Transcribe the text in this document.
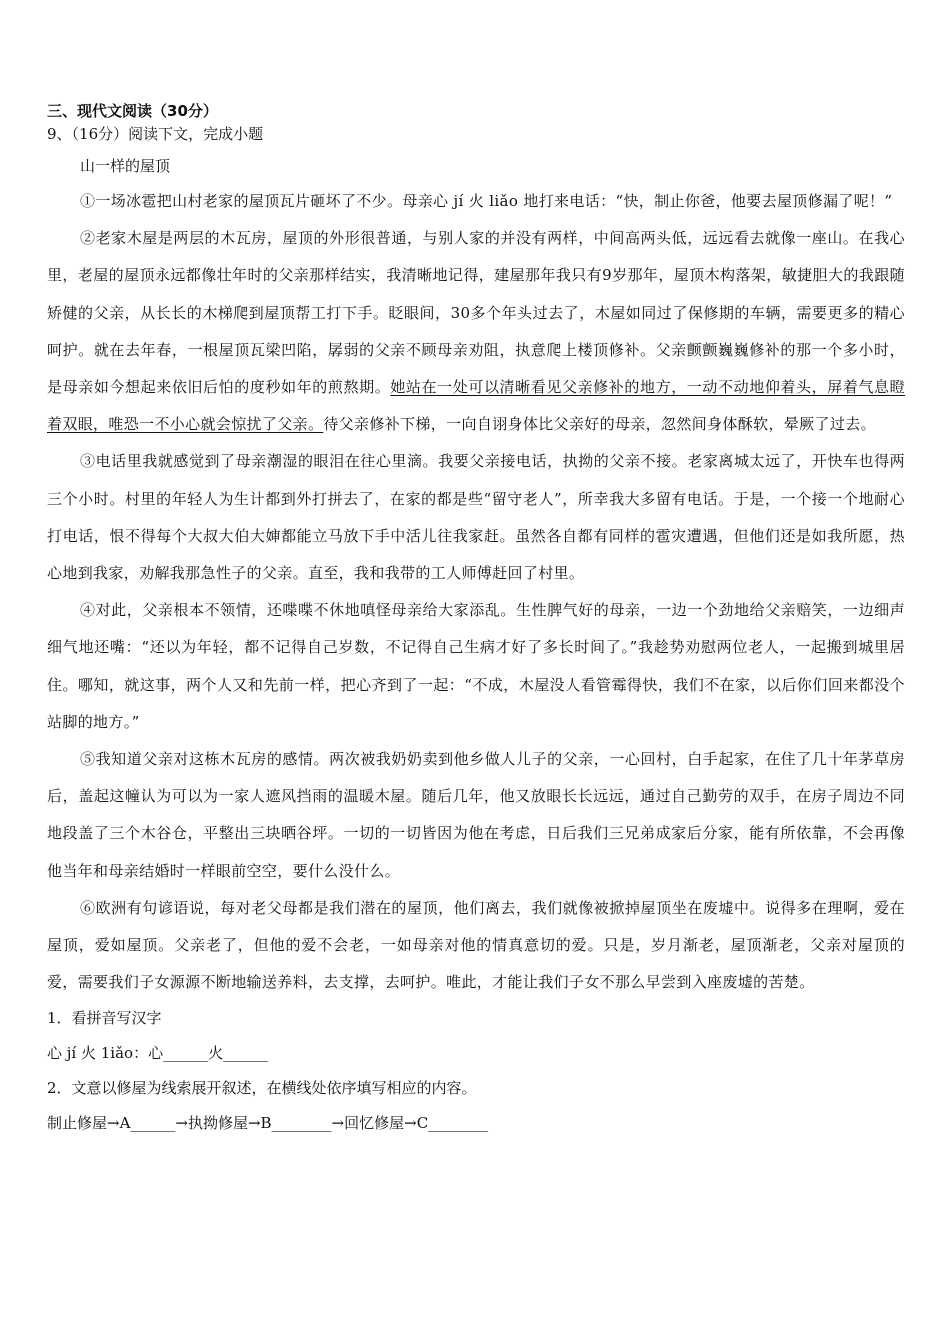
三、现代文阅读（30分）

9、（16分）阅读下文，完成小题

山一样的屋顶

①一场冰雹把山村老家的屋顶瓦片砸坏了不少。母亲心 jí 火 liǎo 地打来电话：“快，制止你爸，他要去屋顶修漏了呢！”

②老家木屋是两层的木瓦房，屋顶的外形很普通，与别人家的并没有两样，中间高两头低，远远看去就像一座山。在我心里，老屋的屋顶永远都像壮年时的父亲那样结实，我清晰地记得，建屋那年我只有9岁那年，屋顶木构落架，敏捷胆大的我跟随矫健的父亲，从长长的木梯爬到屋顶帮工打下手。眨眼间，30多个年头过去了，木屋如同过了保修期的车辆，需要更多的精心呵护。就在去年春，一根屋顶瓦梁凹陷，孱弱的父亲不顾母亲劝阻，执意爬上楼顶修补。父亲颤颤巍巍修补的那一个多小时，是母亲如今想起来依旧后怕的度秒如年的煎熬期。她站在一处可以清晰看见父亲修补的地方，一动不动地仰着头，屏着气息瞪着双眼，唯恐一不小心就会惊扰了父亲。待父亲修补下梯，一向自诩身体比父亲好的母亲，忽然间身体酥软，晕厥了过去。

③电话里我就感觉到了母亲潮湿的眼泪在往心里滴。我要父亲接电话，执拗的父亲不接。老家离城太远了，开快车也得两三个小时。村里的年轻人为生计都到外打拼去了，在家的都是些“留守老人”，所幸我大多留有电话。于是，一个接一个地耐心打电话，恨不得每个大叔大伯大婶都能立马放下手中活儿往我家赶。虽然各自都有同样的雹灾遭遇，但他们还是如我所愿，热心地到我家，劝解我那急性子的父亲。直至，我和我带的工人师傅赶回了村里。

④对此，父亲根本不领情，还喋喋不休地嗔怪母亲给大家添乱。生性脾气好的母亲，一边一个劲地给父亲赔笑，一边细声细气地还嘴：“还以为年轻，都不记得自己岁数，不记得自己生病才好了多长时间了。”我趁势劝慰两位老人，一起搬到城里居住。哪知，就这事，两个人又和先前一样，把心齐到了一起：“不成，木屋没人看管霉得快，我们不在家，以后你们回来都没个站脚的地方。”

⑤我知道父亲对这栋木瓦房的感情。两次被我奶奶卖到他乡做人儿子的父亲，一心回村，白手起家，在住了几十年茅草房后，盖起这幢认为可以为一家人遮风挡雨的温暖木屋。随后几年，他又放眼长长远远，通过自己勤劳的双手，在房子周边不同地段盖了三个木谷仓，平整出三块晒谷坪。一切的一切皆因为他在考虑，日后我们三兄弟成家后分家，能有所依靠，不会再像他当年和母亲结婚时一样眼前空空，要什么没什么。

⑥欧洲有句谚语说，每对老父母都是我们潜在的屋顶，他们离去，我们就像被掀掉屋顶坐在废墟中。说得多在理啊，爱在屋顶，爱如屋顶。父亲老了，但他的爱不会老，一如母亲对他的情真意切的爱。只是，岁月渐老，屋顶渐老，父亲对屋顶的爱，需要我们子女源源不断地输送养料，去支撑，去呵护。唯此，才能让我们子女不那么早尝到入座废墟的苦楚。

1．看拼音写汉字

心 jí 火 1iǎo：心______火______

2．文意以修屋为线索展开叙述，在横线处依序填写相应的内容。

制止修屋→A______→执拗修屋→B________→回忆修屋→C________
